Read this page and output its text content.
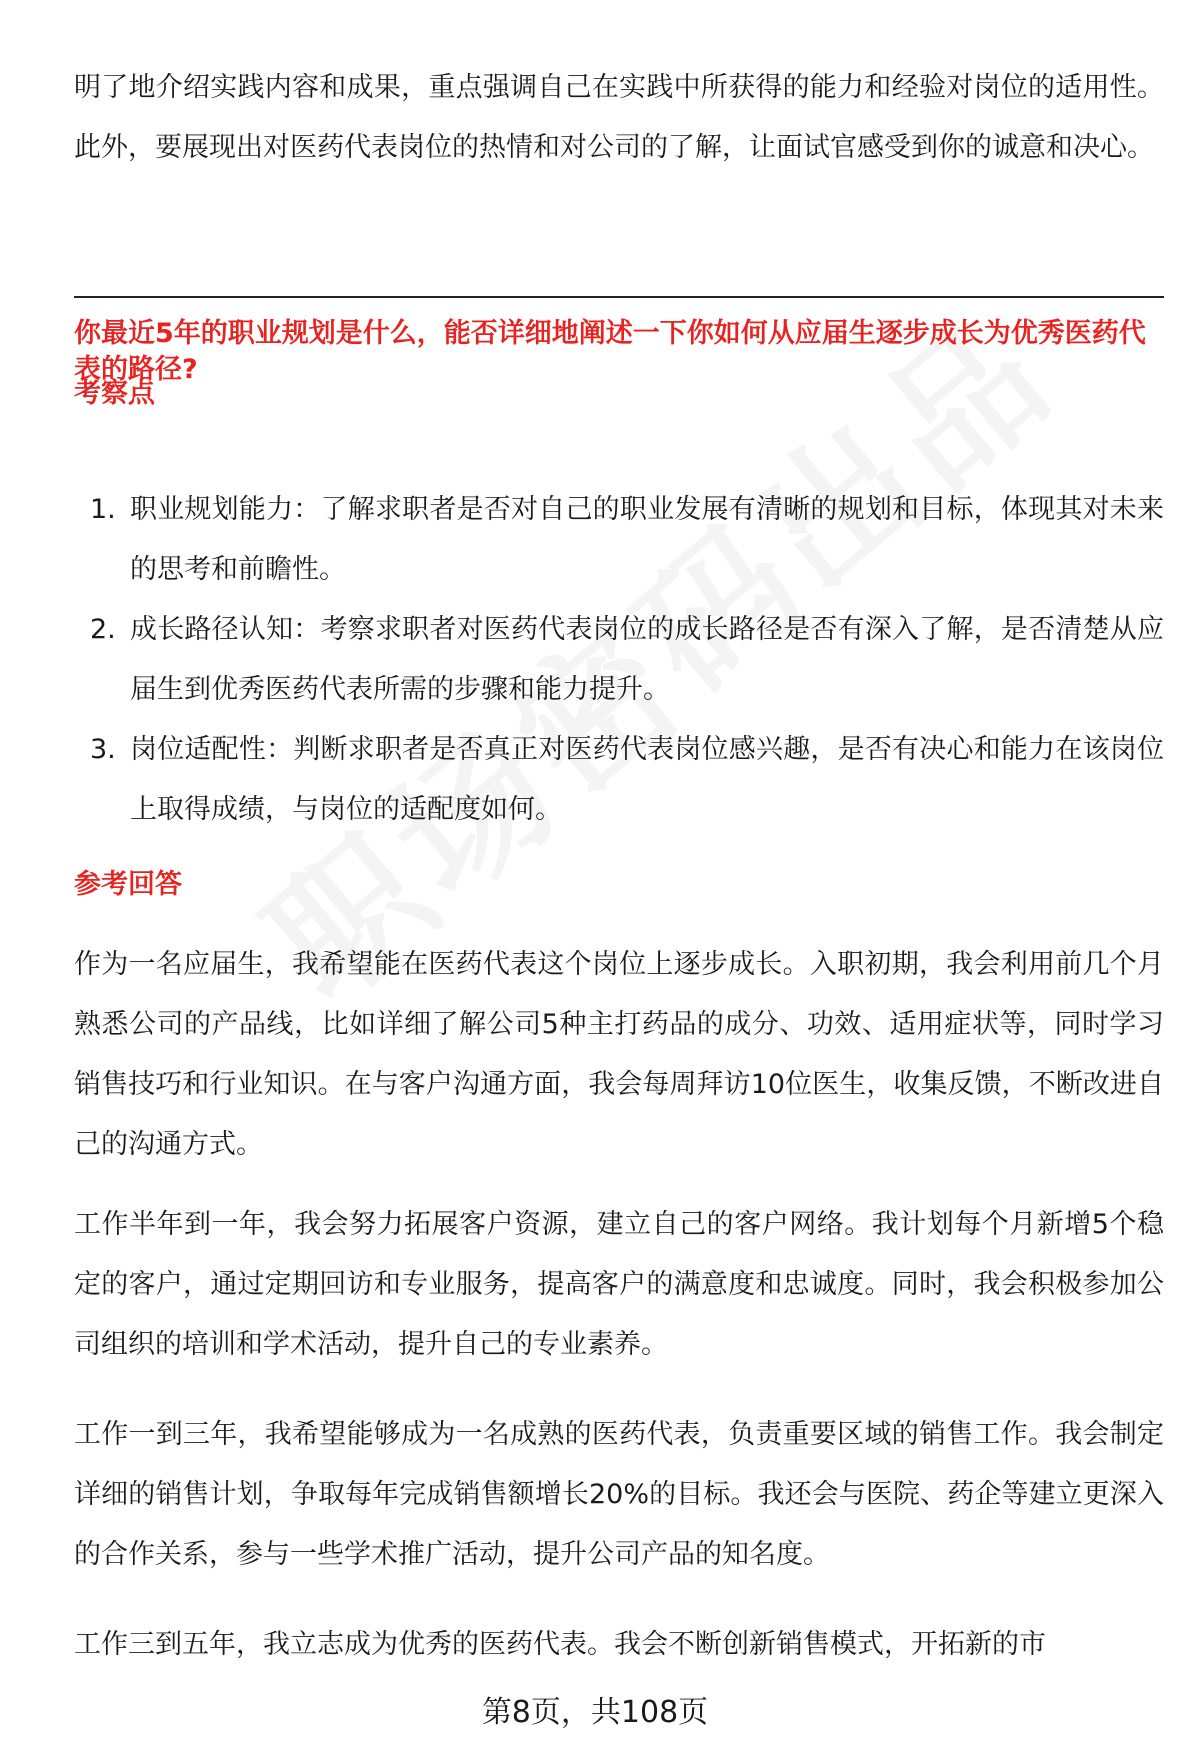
明了地介绍实践内容和成果，重点强调自己在实践中所获得的能力和经验对岗位的适用性。此外，要展现出对医药代表岗位的热情和对公司的了解，让面试官感受到你的诚意和决心。

你最近5年的职业规划是什么，能否详细地阐述一下你如何从应届生逐步成长为优秀医药代表的路径?

考察点

1. 职业规划能力：了解求职者是否对自己的职业发展有清晰的规划和目标，体现其对未来的思考和前瞻性。
2. 成长路径认知：考察求职者对医药代表岗位的成长路径是否有深入了解，是否清楚从应届生到优秀医药代表所需的步骤和能力提升。
3. 岗位适配性：判断求职者是否真正对医药代表岗位感兴趣，是否有决心和能力在该岗位上取得成绩，与岗位的适配度如何。

参考回答

作为一名应届生，我希望能在医药代表这个岗位上逐步成长。入职初期，我会利用前几个月熟悉公司的产品线，比如详细了解公司5种主打药品的成分、功效、适用症状等，同时学习销售技巧和行业知识。在与客户沟通方面，我会每周拜访10位医生，收集反馈，不断改进自己的沟通方式。

工作半年到一年，我会努力拓展客户资源，建立自己的客户网络。我计划每个月新增5个稳定的客户，通过定期回访和专业服务，提高客户的满意度和忠诚度。同时，我会积极参加公司组织的培训和学术活动，提升自己的专业素养。

工作一到三年，我希望能够成为一名成熟的医药代表，负责重要区域的销售工作。我会制定详细的销售计划，争取每年完成销售额增长20%的目标。我还会与医院、药企等建立更深入的合作关系，参与一些学术推广活动，提升公司产品的知名度。

工作三到五年，我立志成为优秀的医药代表。我会不断创新销售模式，开拓新的市

第8页，共108页
